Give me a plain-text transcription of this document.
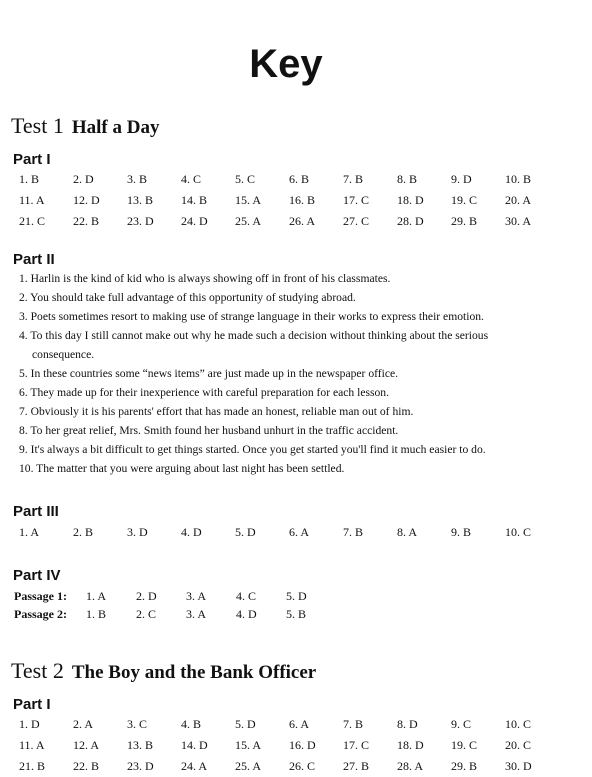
Key
Test 1 Half a Day
Part I
1. B	2. D	3. B	4. C	5. C	6. B	7. B	8. B	9. D	10. B
11. A	12. D	13. B	14. B	15. A	16. B	17. C	18. D	19. C	20. A
21. C	22. B	23. D	24. D	25. A	26. A	27. C	28. D	29. B	30. A
Part II
1. Harlin is the kind of kid who is always showing off in front of his classmates.
2. You should take full advantage of this opportunity of studying abroad.
3. Poets sometimes resort to making use of strange language in their works to express their emotion.
4. To this day I still cannot make out why he made such a decision without thinking about the serious
consequence.
5. In these countries some “news items” are just made up in the newspaper office.
6. They made up for their inexperience with careful preparation for each lesson.
7. Obviously it is his parents' effort that has made an honest, reliable man out of him.
8. To her great relief, Mrs. Smith found her husband unhurt in the traffic accident.
9. It's always a bit difficult to get things started. Once you get started you'll find it much easier to do.
10. The matter that you were arguing about last night has been settled.
Part III
1. A	2. B	3. D	4. D	5. D	6. A	7. B	8. A	9. B	10. C
Part IV
Passage 1:	1. A	2. D	3. A	4. C	5. D
Passage 2:	1. B	2. C	3. A	4. D	5. B
Test 2 The Boy and the Bank Officer
Part I
1. D	2. A	3. C	4. B	5. D	6. A	7. B	8. D	9. C	10. C
11. A	12. A	13. B	14. D	15. A	16. D	17. C	18. D	19. C	20. C
21. B	22. B	23. D	24. A	25. A	26. C	27. B	28. A	29. B	30. D
